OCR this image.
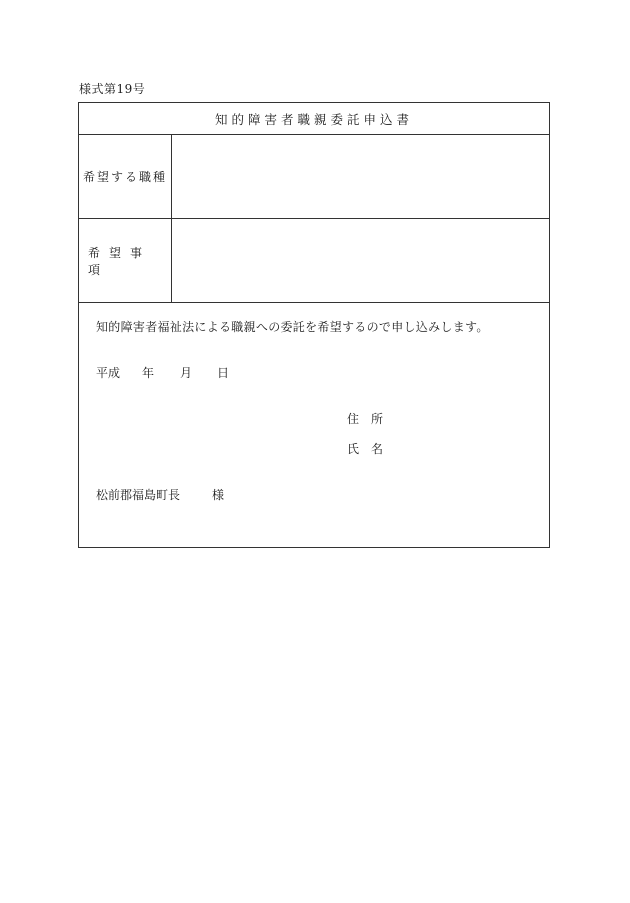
様式第19号
知的障害者職親委託申込書
希望する職種
希望事項
知的障害者福祉法による職親への委託を希望するので申し込みします。
平成	年	月	日
住所
氏名
松前郡福島町長	様
